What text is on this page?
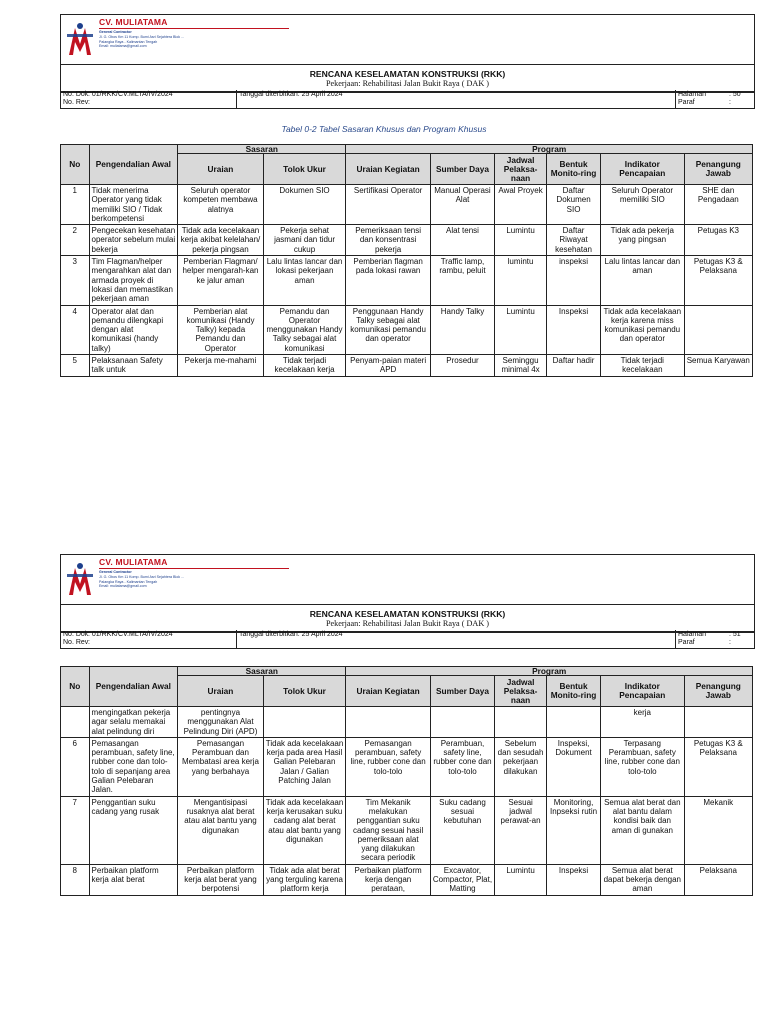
CV. MULIATAMA
General Contractor
Jl. G. Obos Km 11 Komp. Bumi Asri Sejahtera Blok ...
Palangka Raya - Kalimantan Tengah
Email: muliatama@gmail.com
RENCANA KESELAMATAN KONSTRUKSI (RKK)
Pekerjaan: Rehabilitasi Jalan Bukit Raya ( DAK )
No. Dok : 01/RKK/CV.MLTA/IV/2024
No. Rev :
Tanggal diterbitkan: 25 April 2024	Halaman	: 50
Paraf	:
Tabel 0-2 Tabel Sasaran Khusus dan Program Khusus
No	Pengendalian Awal	Sasaran		Program					
		Uraian	Tolok Ukur	Uraian Kegiatan	Sumber Daya	Jadwal Pelaksa-naan	Bentuk Monito-ring	Indikator Pencapaian	Penangung Jawab
1	Tidak menerima Operator yang tidak memiliki SIO / Tidak berkompetensi	Seluruh operator kompeten membawa alatnya	Dokumen SIO	Sertifikasi Operator	Manual Operasi Alat	Awal Proyek	Daftar Dokumen SIO	Seluruh Operator memiliki SIO	SHE dan Pengadaan
2	Pengecekan kesehatan operator sebelum mulai bekerja	Tidak ada kecelakaan kerja akibat kelelahan/ pekerja pingsan	Pekerja sehat jasmani dan tidur cukup	Pemeriksaan tensi dan konsentrasi pekerja	Alat tensi	Lumintu	Daftar Riwayat kesehatan	Tidak ada pekerja yang pingsan	Petugas K3
3	Tim Flagman/helper mengarahkan alat dan armada proyek di lokasi dan memastikan pekerjaan aman	Pemberian Flagman/ helper mengarah-kan ke jalur aman	Lalu lintas lancar dan lokasi pekerjaan aman	Pemberian flagman pada lokasi rawan	Traffic lamp, rambu, peluit	lumintu	inspeksi	Lalu lintas lancar dan aman	Petugas K3 & Pelaksana
4	Operator alat dan pemandu dilengkapi dengan alat komunikasi (handy talky)	Pemberian alat komunikasi (Handy Talky) kepada Pemandu dan Operator	Pemandu dan Operator menggunakan Handy Talky sebagai alat komunikasi	Penggunaan Handy Talky sebagai alat komunikasi pemandu dan operator	Handy Talky	Lumintu	Inspeksi	Tidak ada kecelakaan kerja karena miss komunikasi pemandu dan operator	
5	Pelaksanaan Safety talk untuk	Pekerja me-mahami	Tidak terjadi kecelakaan kerja	Penyam-paian materi APD	Prosedur	Seminggu minimal 4x	Daftar hadir	Tidak terjadi kecelakaan	Semua Karyawan
CV. MULIATAMA
General Contractor
Jl. G. Obos Km 11 Komp. Bumi Asri Sejahtera Blok ...
Palangka Raya - Kalimantan Tengah
Email: muliatama@gmail.com
RENCANA KESELAMATAN KONSTRUKSI (RKK)
Pekerjaan: Rehabilitasi Jalan Bukit Raya ( DAK )
No. Dok : 01/RKK/CV.MLTA/IV/2024
No. Rev :
Tanggal diterbitkan: 25 April 2024	Halaman	: 51
Paraf	:
No	Pengendalian Awal	Sasaran		Program					
		Uraian	Tolok Ukur	Uraian Kegiatan	Sumber Daya	Jadwal Pelaksa-naan	Bentuk Monito-ring	Indikator Pencapaian	Penangung Jawab
	mengingatkan pekerja agar selalu memakai alat pelindung diri	pentingnya menggunakan Alat Pelindung Diri (APD)						kerja	
6	Pemasangan perambuan, safety line, rubber cone dan tolo-tolo di sepanjang area Galian Pelebaran Jalan.	Pemasangan Perambuan dan Membatasi area kerja yang berbahaya	Tidak ada kecelakaan kerja pada area Hasil Galian Pelebaran Jalan / Galian Patching Jalan	Pemasangan perambuan, safety line, rubber cone dan tolo-tolo	Perambuan, safety line, rubber cone dan tolo-tolo	Sebelum dan sesudah pekerjaan dilakukan	Inspeksi, Dokument	Terpasang Perambuan, safety line, rubber cone dan tolo-tolo	Petugas K3 & Pelaksana
7	Penggantian suku cadang yang rusak	Mengantisipasi rusaknya alat berat atau alat bantu yang digunakan	Tidak ada kecelakaan kerja kerusakan suku cadang alat berat atau alat bantu yang digunakan	Tim Mekanik melakukan penggantian suku cadang sesuai hasil pemeriksaan alat yang dilakukan secara periodik	Suku cadang sesuai kebutuhan	Sesuai jadwal perawat-an	Monitoring, Inpseksi rutin	Semua alat berat dan alat bantu dalam kondisi baik dan aman di gunakan	Mekanik
8	Perbaikan platform kerja alat berat	Perbaikan platform kerja alat berat yang berpotensi	Tidak ada alat berat yang terguling karena platform kerja	Perbaikan platform kerja dengan perataan,	Excavator, Compactor, Plat, Matting	Lumintu	Inspeksi	Semua alat berat dapat bekerja dengan aman	Pelaksana
